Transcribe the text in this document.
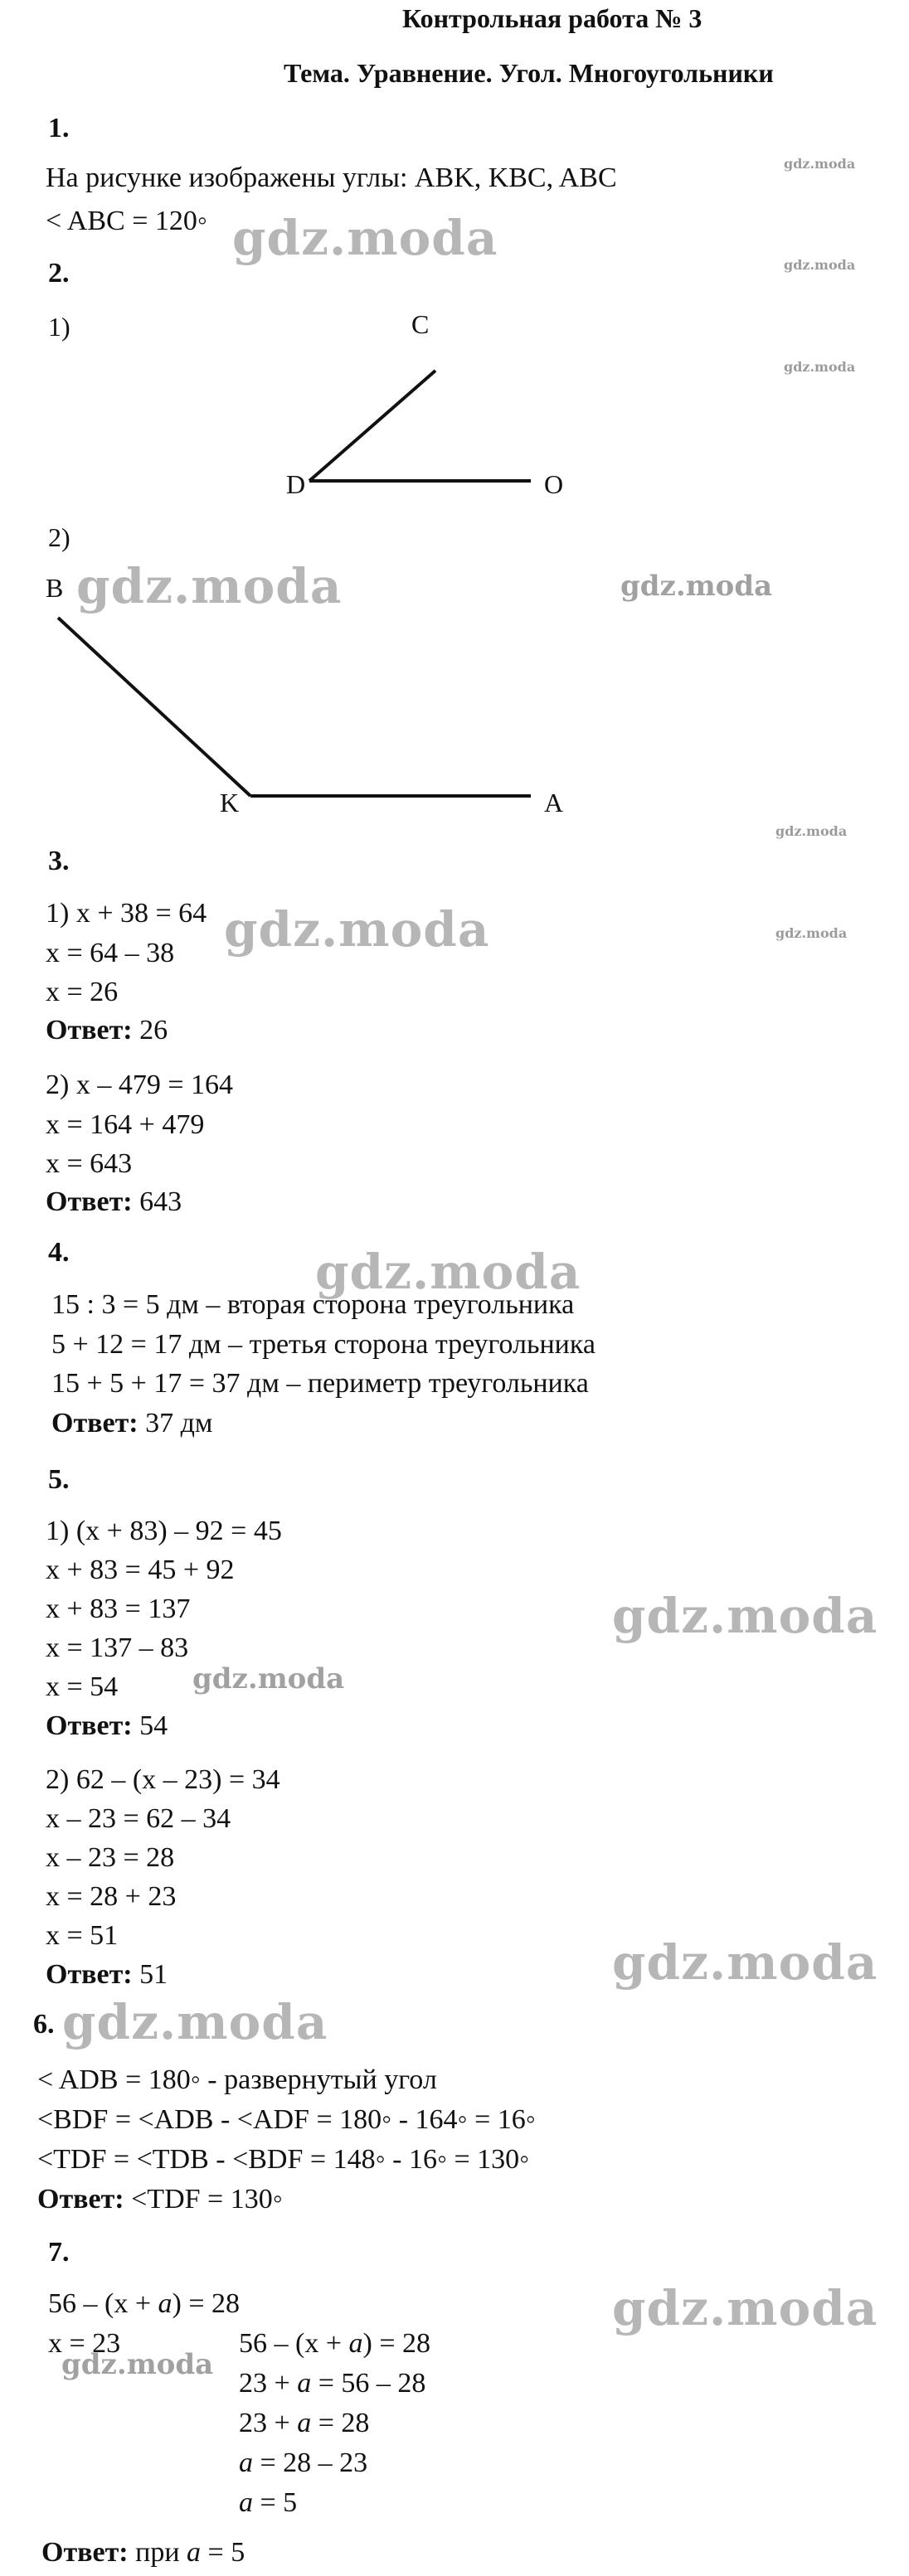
Контрольная работа № 3
Тема. Уравнение. Угол. Многоугольники
1.
На рисунке изображены углы: ABK, KBC, ABC
< ABC = 120◦
2.
1)	C
D	O
2)
B
K	A
3.
1) x + 38 = 64
x = 64 – 38
x = 26
Ответ: 26
2) x – 479 = 164
x = 164 + 479
x = 643
Ответ: 643
4.
15 : 3 = 5 дм – вторая сторона треугольника
5 + 12 = 17 дм – третья сторона треугольника
15 + 5 + 17 = 37 дм – периметр треугольника
Ответ: 37 дм
5.
1) (x + 83) – 92 = 45
x + 83 = 45 + 92
x + 83 = 137
x = 137 – 83
x = 54
Ответ: 54
2) 62 – (x – 23) = 34
x – 23 = 62 – 34
x – 23 = 28
x = 28 + 23
x = 51
Ответ: 51
6.
< ADB = 180◦ - развернутый угол
<BDF = <ADB - <ADF = 180◦ - 164◦ = 16◦
<TDF = <TDB - <BDF = 148◦ - 16◦ = 130◦
Ответ: <TDF = 130◦
7.
56 – (x + a) = 28
x = 23	56 – (x + a) = 28
23 + a = 56 – 28
23 + a = 28
a = 28 – 23
a = 5
Ответ: при a = 5
gdz.moda
gdz.moda	gdz.moda
gdz.moda
gdz.moda
gdz.moda
gdz.moda
gdz.moda
gdz.moda
gdz.moda
gdz.moda
gdz.moda
gdz.moda
gdz.moda
gdz.moda
gdz.moda
